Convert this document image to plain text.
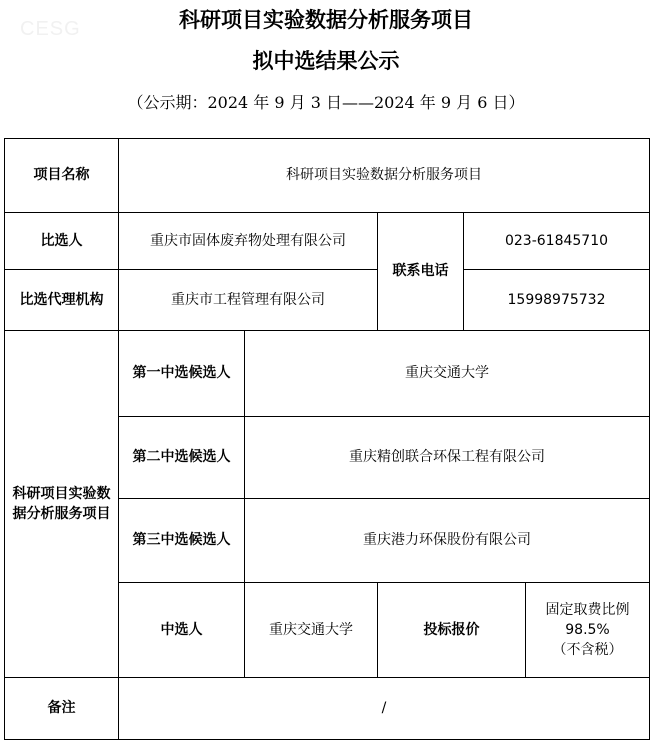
CESG	科研项目实验数据分析服务项目
拟中选结果公示
（公示期：2024 年 9 月 3 日——2024 年 9 月 6 日）
项目名称	科研项目实验数据分析服务项目				
比选人	重庆市固体废弃物处理有限公司		联系电话	023-61845710	
比选代理机构	重庆市工程管理有限公司			15998975732	
科研项目实验数据分析服务项目	第一中选候选人	重庆交通大学			
	第二中选候选人	重庆精创联合环保工程有限公司			
	第三中选候选人	重庆港力环保股份有限公司			
	中选人	重庆交通大学	投标报价		固定取费比例
98.5%
（不含税）

备注	/				
